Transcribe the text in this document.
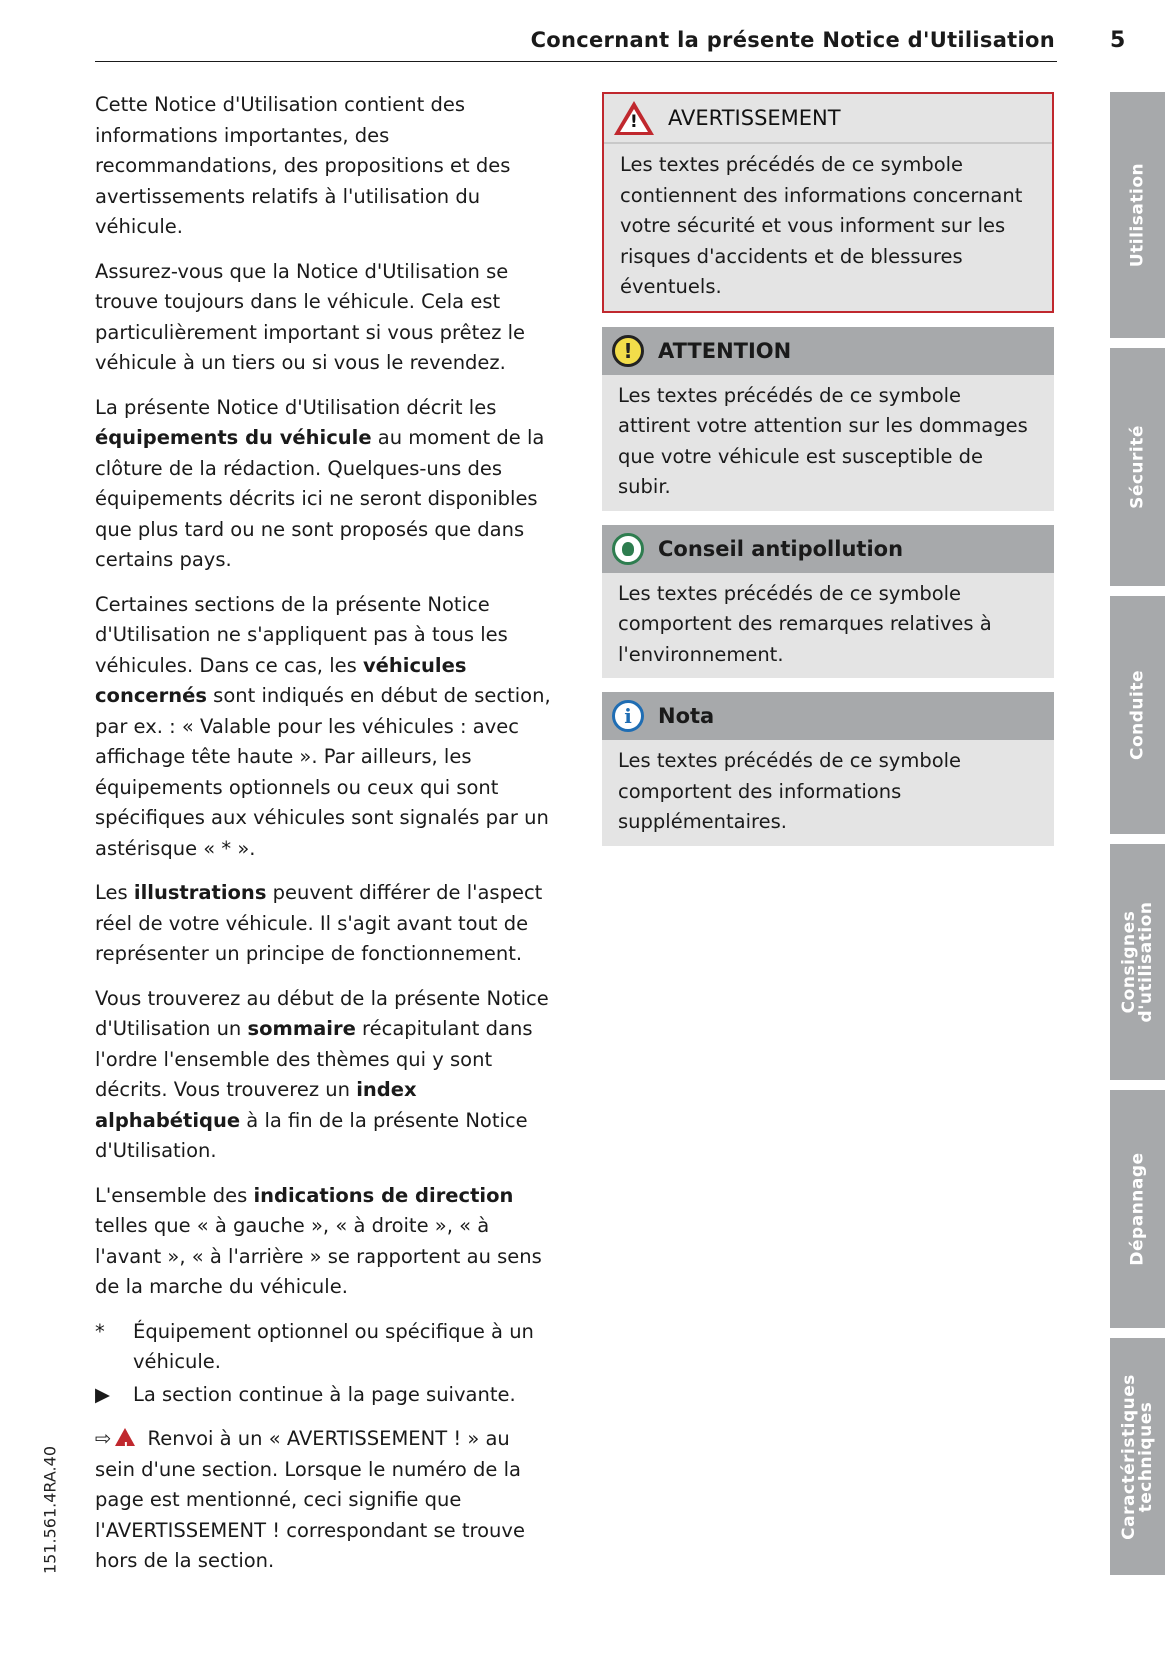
Concernant la présente Notice d'Utilisation	5

Cette Notice d'Utilisation contient des informations importantes, des recommandations, des propositions et des avertissements relatifs à l'utilisation du véhicule.

Assurez-vous que la Notice d'Utilisation se trouve toujours dans le véhicule. Cela est particulièrement important si vous prêtez le véhicule à un tiers ou si vous le revendez.

La présente Notice d'Utilisation décrit les équipements du véhicule au moment de la clôture de la rédaction. Quelques-uns des équipements décrits ici ne seront disponibles que plus tard ou ne sont proposés que dans certains pays.

Certaines sections de la présente Notice d'Utilisation ne s'appliquent pas à tous les véhicules. Dans ce cas, les véhicules concernés sont indiqués en début de section, par ex. : « Valable pour les véhicules : avec affichage tête haute ». Par ailleurs, les équipements optionnels ou ceux qui sont spécifiques aux véhicules sont signalés par un astérisque « * ».

Les illustrations peuvent différer de l'aspect réel de votre véhicule. Il s'agit avant tout de représenter un principe de fonctionnement.

Vous trouverez au début de la présente Notice d'Utilisation un sommaire récapitulant dans l'ordre l'ensemble des thèmes qui y sont décrits. Vous trouverez un index alphabétique à la fin de la présente Notice d'Utilisation.

L'ensemble des indications de direction telles que « à gauche », « à droite », « à l'avant », « à l'arrière » se rapportent au sens de la marche du véhicule.

*	Équipement optionnel ou spécifique à un véhicule.
▶	La section continue à la page suivante.

⇨! Renvoi à un « AVERTISSEMENT ! » au sein d'une section. Lorsque le numéro de la page est mentionné, ceci signifie que l'AVERTISSEMENT ! correspondant se trouve hors de la section.

!
AVERTISSEMENT
Les textes précédés de ce symbole contiennent des informations concernant votre sécurité et vous informent sur les risques d'accidents et de blessures éventuels.
!	ATTENTION
Les textes précédés de ce symbole attirent votre attention sur les dommages que votre véhicule est susceptible de subir.
Conseil antipollution
Les textes précédés de ce symbole comportent des remarques relatives à l'environnement.
i	Nota
Les textes précédés de ce symbole comportent des informations supplémentaires.
Utilisation
Sécurité
Conduite
Consignes d'utilisation
Dépannage
Caractéristiques techniques
151.561.4RA.40
